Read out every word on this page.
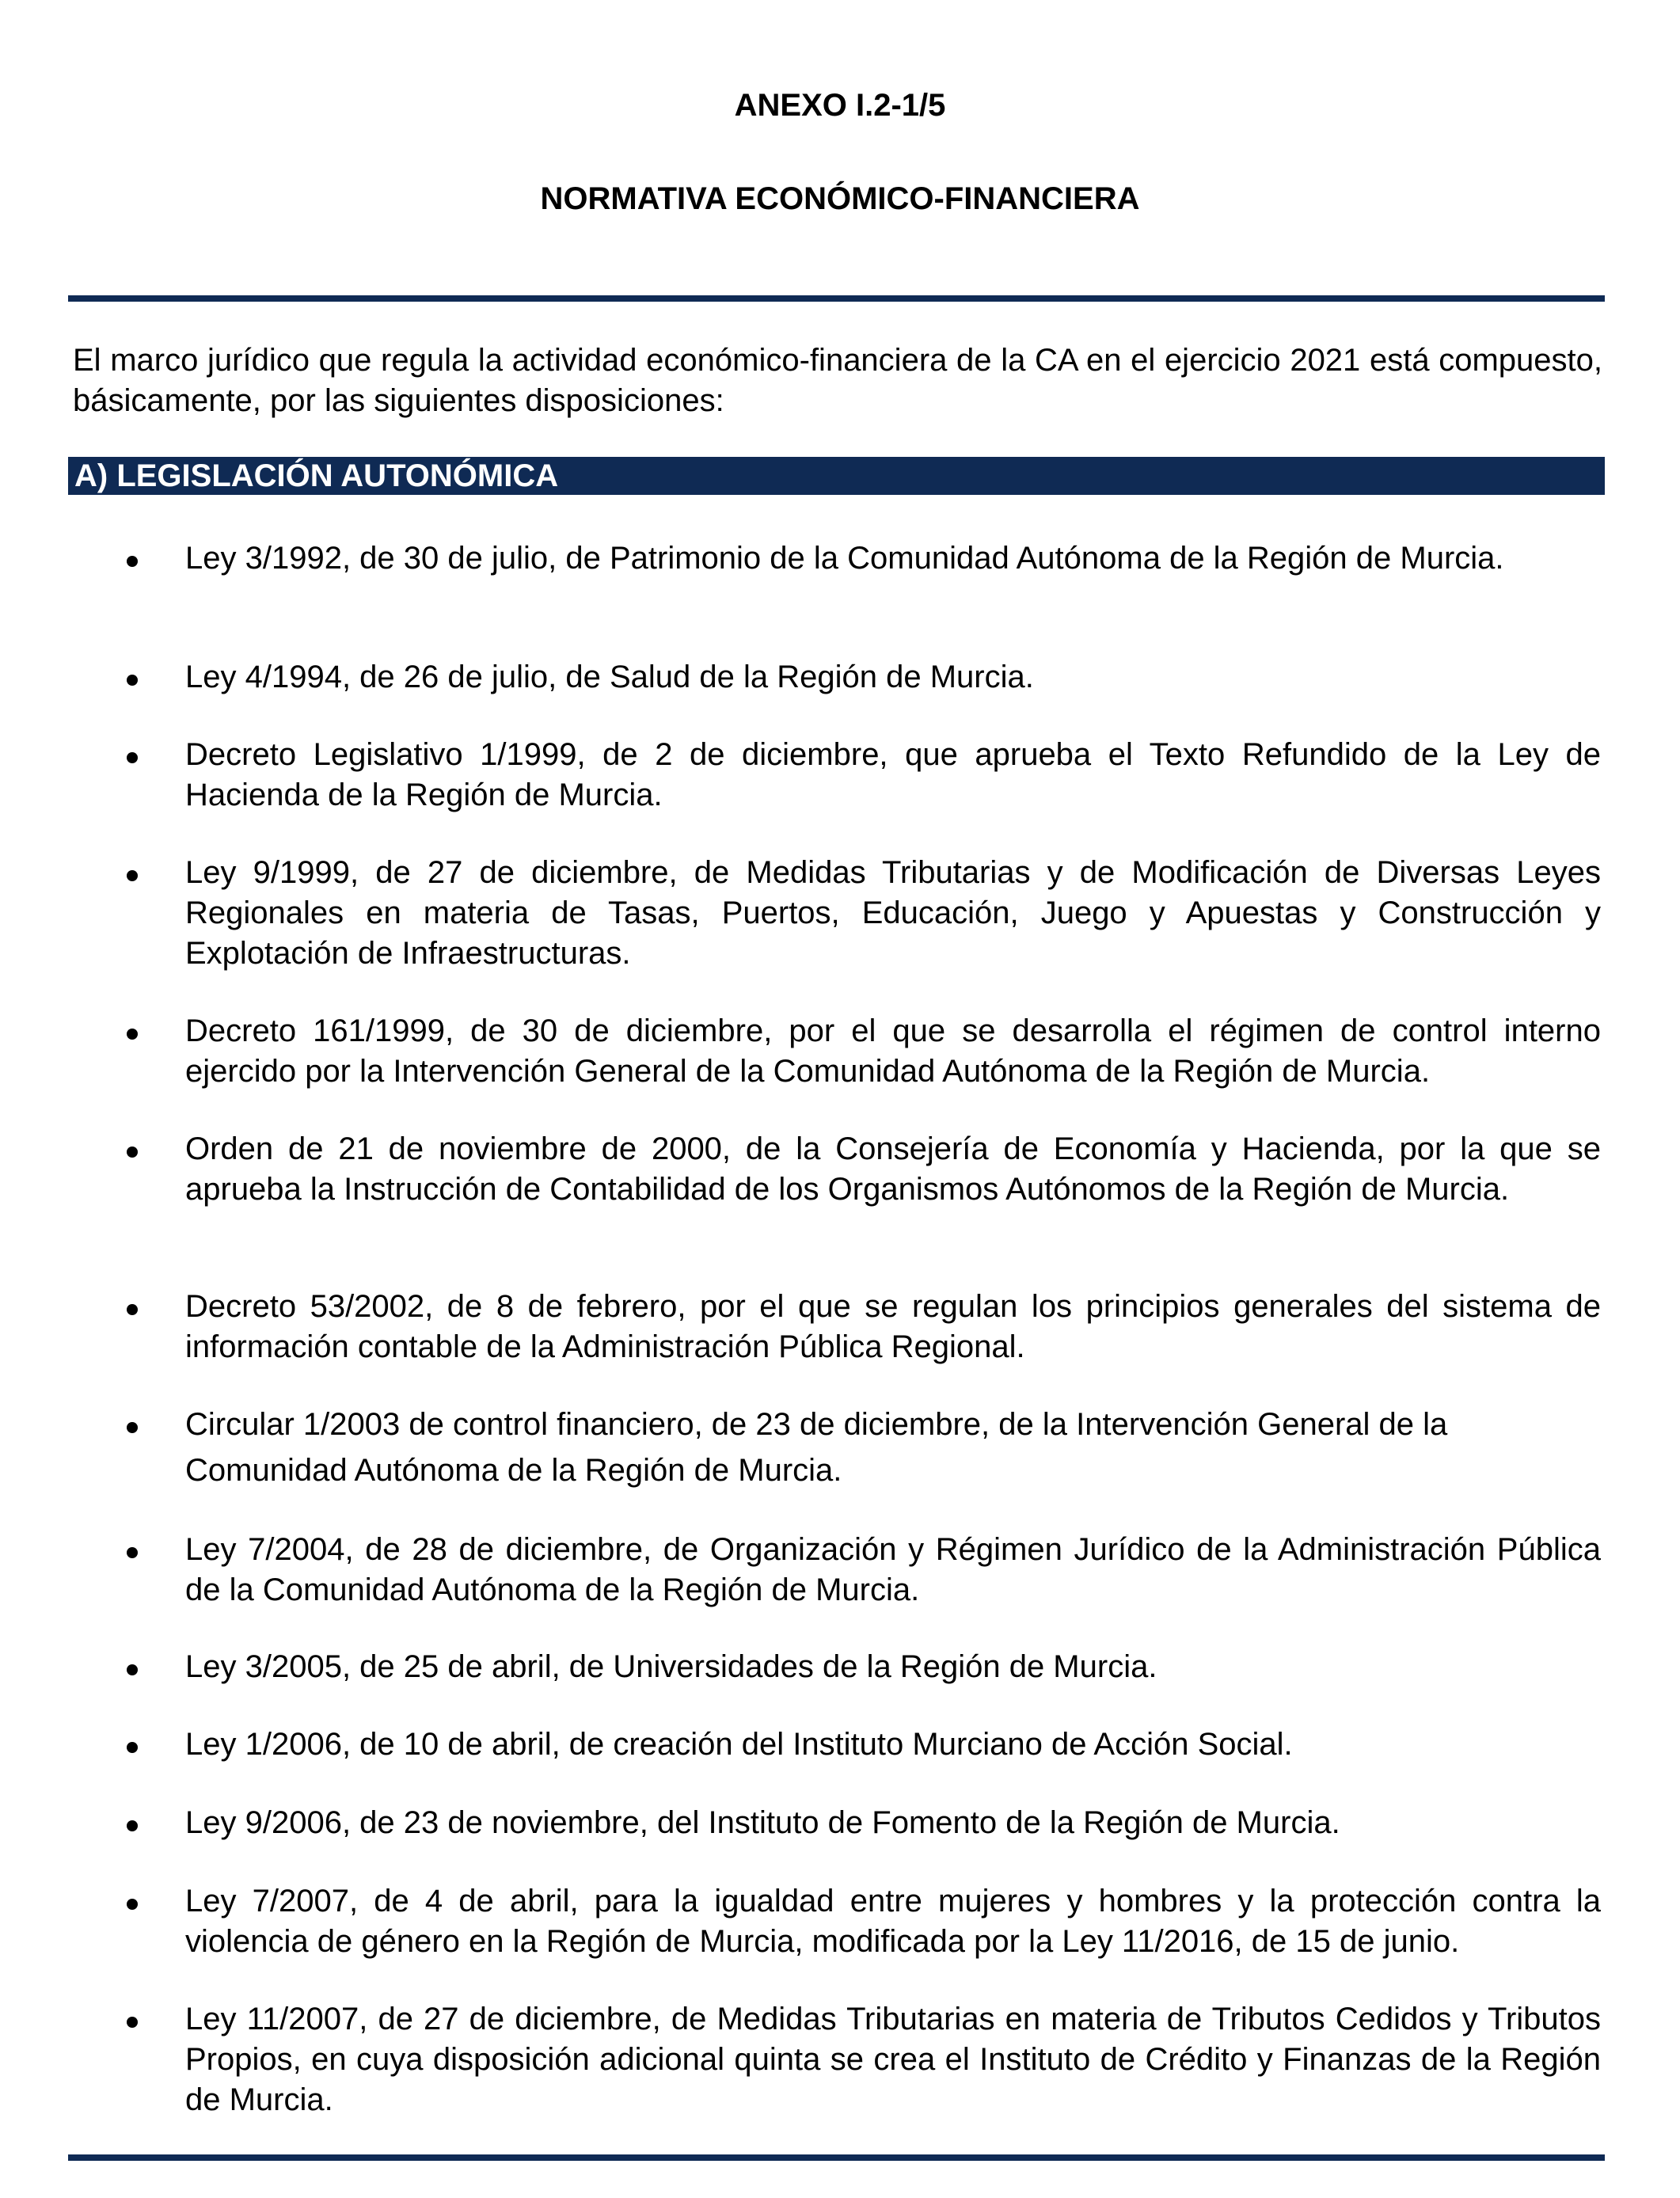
ANEXO I.2-1/5
NORMATIVA ECONÓMICO-FINANCIERA

El marco jurídico que regula la actividad económico-financiera de la CA en el ejercicio 2021 está compuesto, básicamente, por las siguientes disposiciones:

A) LEGISLACIÓN AUTONÓMICA
Ley 3/1992, de 30 de julio, de Patrimonio de la Comunidad Autónoma de la Región de Murcia.
Ley 4/1994, de 26 de julio, de Salud de la Región de Murcia.
Decreto Legislativo 1/1999, de 2 de diciembre, que aprueba el Texto Refundido de la Ley de Hacienda de la Región de Murcia.
Ley 9/1999, de 27 de diciembre, de Medidas Tributarias y de Modificación de Diversas Leyes Regionales en materia de Tasas, Puertos, Educación, Juego y Apuestas y Construcción y Explotación de Infraestructuras.
Decreto 161/1999, de 30 de diciembre, por el que se desarrolla el régimen de control interno ejercido por la Intervención General de la Comunidad Autónoma de la Región de Murcia.
Orden de 21 de noviembre de 2000, de la Consejería de Economía y Hacienda, por la que se aprueba la Instrucción de Contabilidad de los Organismos Autónomos de la Región de Murcia.
Decreto 53/2002, de 8 de febrero, por el que se regulan los principios generales del sistema de información contable de la Administración Pública Regional.
Circular 1/2003 de control financiero, de 23 de diciembre, de la Intervención General de la Comunidad Autónoma de la Región de Murcia.
Ley 7/2004, de 28 de diciembre, de Organización y Régimen Jurídico de la Administración Pública de la Comunidad Autónoma de la Región de Murcia.
Ley 3/2005, de 25 de abril, de Universidades de la Región de Murcia.
Ley 1/2006, de 10 de abril, de creación del Instituto Murciano de Acción Social.
Ley 9/2006, de 23 de noviembre, del Instituto de Fomento de la Región de Murcia.
Ley 7/2007, de 4 de abril, para la igualdad entre mujeres y hombres y la protección contra la violencia de género en la Región de Murcia, modificada por la Ley 11/2016, de 15 de junio.
Ley 11/2007, de 27 de diciembre, de Medidas Tributarias en materia de Tributos Cedidos y Tributos Propios, en cuya disposición adicional quinta se crea el Instituto de Crédito y Finanzas de la Región de Murcia.
